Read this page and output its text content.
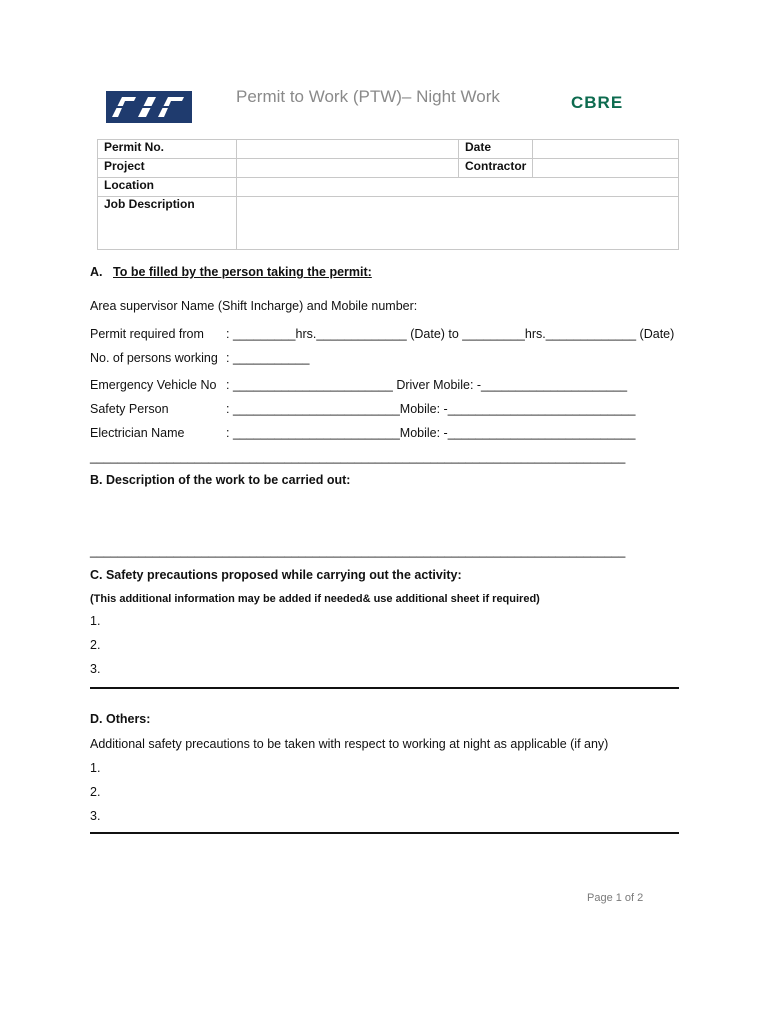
Permit to Work (PTW)– Night Work	CBRE
Permit No.		Date	
Project		Contractor	
Location			
Job Description			
A. To be filled by the person taking the permit:
Area supervisor Name (Shift Incharge) and Mobile number:
Permit required from : _________hrs._____________ (Date) to _________hrs._____________ (Date)
No. of persons working : ___________
Emergency Vehicle No : _______________________ Driver Mobile: -_____________________
Safety Person	: ________________________Mobile: -___________________________
Electrician Name	: ________________________Mobile: -___________________________
_____________________________________________________________________________
B. Description of the work to be carried out:
_____________________________________________________________________________
C. Safety precautions proposed while carrying out the activity:
(This additional information may be added if needed& use additional sheet if required)
1.
2.
3.
D. Others:
Additional safety precautions to be taken with respect to working at night as applicable (if any)
1.
2.
3.
Page 1 of 2
